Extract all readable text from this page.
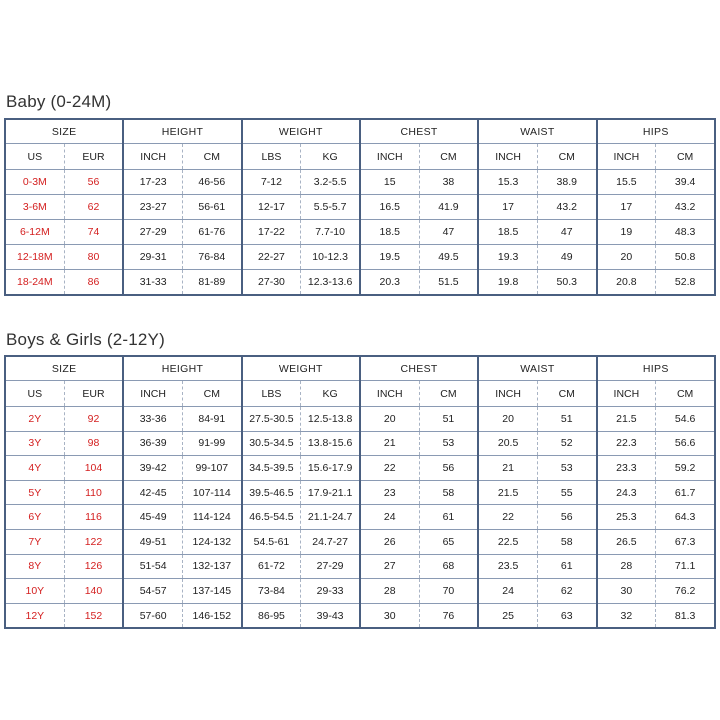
Baby (0-24M)
SIZE		HEIGHT		WEIGHT		CHEST		WAIST		HIPS	
US	EUR	INCH	CM	LBS	KG	INCH	CM	INCH	CM	INCH	CM
0-3M	56	17-23	46-56	7-12	3.2-5.5	15	38	15.3	38.9	15.5	39.4
3-6M	62	23-27	56-61	12-17	5.5-5.7	16.5	41.9	17	43.2	17	43.2
6-12M	74	27-29	61-76	17-22	7.7-10	18.5	47	18.5	47	19	48.3
12-18M	80	29-31	76-84	22-27	10-12.3	19.5	49.5	19.3	49	20	50.8
18-24M	86	31-33	81-89	27-30	12.3-13.6	20.3	51.5	19.8	50.3	20.8	52.8
Boys & Girls (2-12Y)
SIZE		HEIGHT		WEIGHT		CHEST		WAIST		HIPS	
US	EUR	INCH	CM	LBS	KG	INCH	CM	INCH	CM	INCH	CM
2Y	92	33-36	84-91	27.5-30.5	12.5-13.8	20	51	20	51	21.5	54.6
3Y	98	36-39	91-99	30.5-34.5	13.8-15.6	21	53	20.5	52	22.3	56.6
4Y	104	39-42	99-107	34.5-39.5	15.6-17.9	22	56	21	53	23.3	59.2
5Y	110	42-45	107-114	39.5-46.5	17.9-21.1	23	58	21.5	55	24.3	61.7
6Y	116	45-49	114-124	46.5-54.5	21.1-24.7	24	61	22	56	25.3	64.3
7Y	122	49-51	124-132	54.5-61	24.7-27	26	65	22.5	58	26.5	67.3
8Y	126	51-54	132-137	61-72	27-29	27	68	23.5	61	28	71.1
10Y	140	54-57	137-145	73-84	29-33	28	70	24	62	30	76.2
12Y	152	57-60	146-152	86-95	39-43	30	76	25	63	32	81.3
